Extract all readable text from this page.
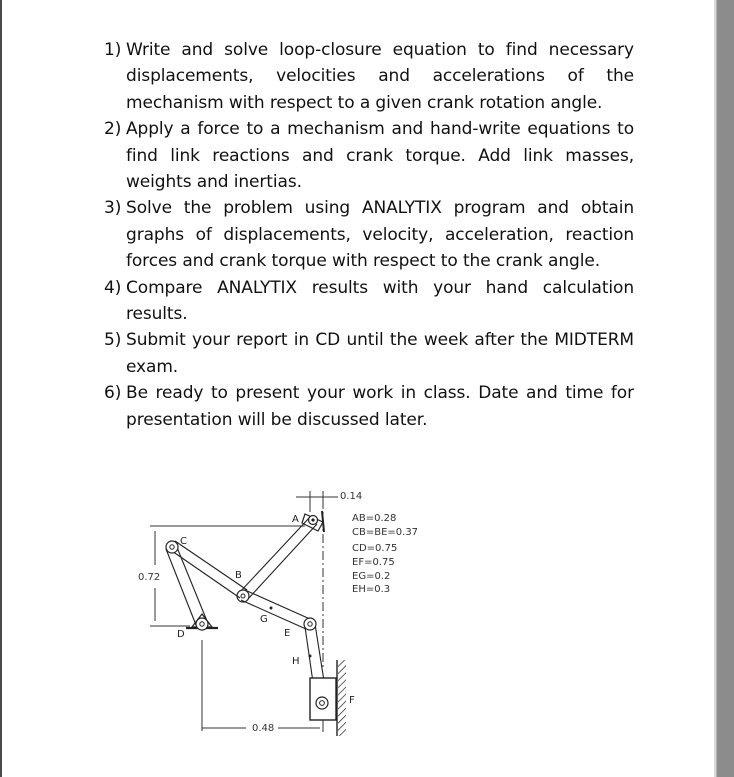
1) Write and solve loop-closure equation to find necessary displacements, velocities and accelerations of the mechanism with respect to a given crank rotation angle.
2) Apply a force to a mechanism and hand-write equations to find link reactions and crank torque. Add link masses, weights and inertias.
3) Solve the problem using ANALYTIX program and obtain graphs of displacements, velocity, acceleration, reaction forces and crank torque with respect to the crank angle.
4) Compare ANALYTIX results with your hand calculation results.
5) Submit your report in CD until the week after the MIDTERM exam.
6) Be ready to present your work in class. Date and time for presentation will be discussed later.
0.14
0.72
0.48
A
B
C
D	E
F
G
H
AB=0.28
CB=BE=0.37
CD=0.75
EF=0.75
EG=0.2
EH=0.3
